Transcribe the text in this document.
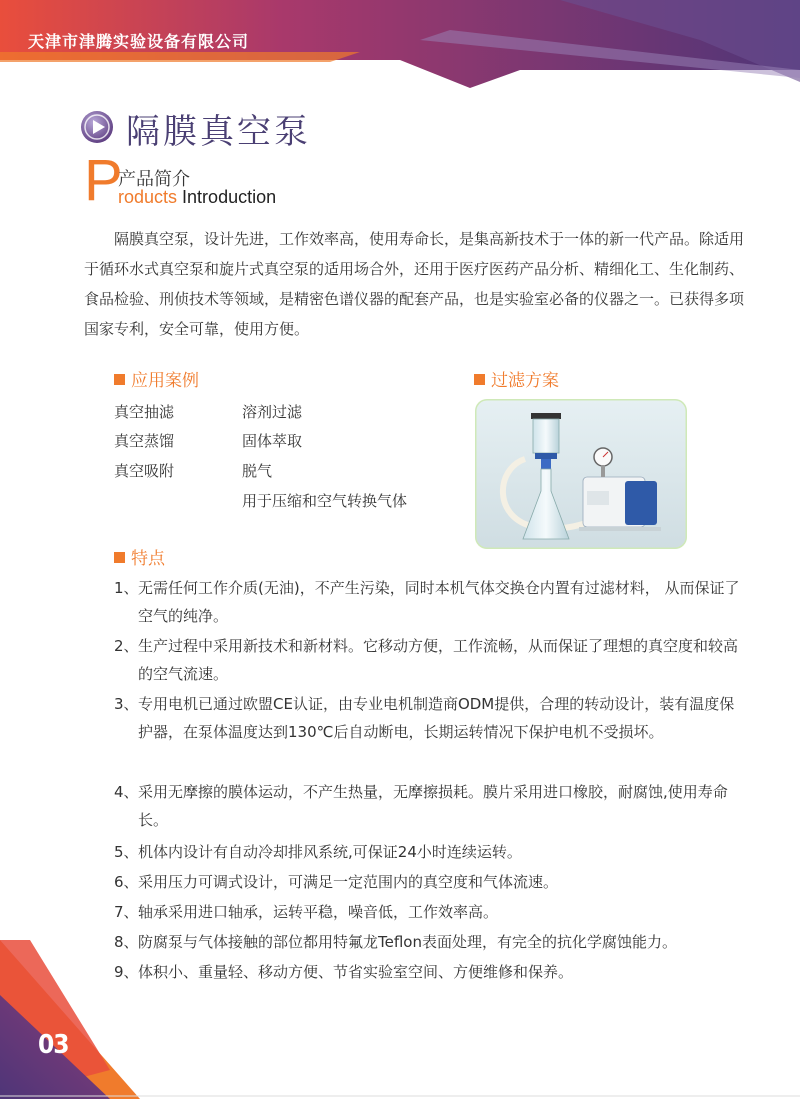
天津市津腾实验设备有限公司
隔膜真空泵
P
产品简介
roducts Introduction
隔膜真空泵，设计先进，工作效率高，使用寿命长，是集高新技术于一体的新一代产品。除适用于循环水式真空泵和旋片式真空泵的适用场合外，还用于医疗医药产品分析、精细化工、生化制药、食品检验、刑侦技术等领域，是精密色谱仪器的配套产品，也是实验室必备的仪器之一。已获得多项国家专利，安全可靠，使用方便。
应用案例
真空抽滤
真空蒸馏
真空吸附
溶剂过滤
固体萃取
脱气
用于压缩和空气转换气体
过滤方案
特点
1、 无需任何工作介质(无油)，不产生污染，同时本机气体交换仓内置有过滤材料， 从而保证了空气的纯净。
2、 生产过程中采用新技术和新材料。它移动方便，工作流畅，从而保证了理想的真空度和较高的空气流速。
3、 专用电机已通过欧盟CE认证，由专业电机制造商ODM提供，合理的转动设计，装有温度保护器，在泵体温度达到130℃后自动断电，长期运转情况下保护电机不受损坏。
4、 采用无摩擦的膜体运动，不产生热量，无摩擦损耗。膜片采用进口橡胶，耐腐蚀,使用寿命长。
5、 机体内设计有自动冷却排风系统,可保证24小时连续运转。
6、 采用压力可调式设计，可满足一定范围内的真空度和气体流速。
7、 轴承采用进口轴承，运转平稳，噪音低，工作效率高。
8、 防腐泵与气体接触的部位都用特氟龙Teflon表面处理，有完全的抗化学腐蚀能力。
9、 体积小、重量轻、移动方便、节省实验室空间、方便维修和保养。
03
